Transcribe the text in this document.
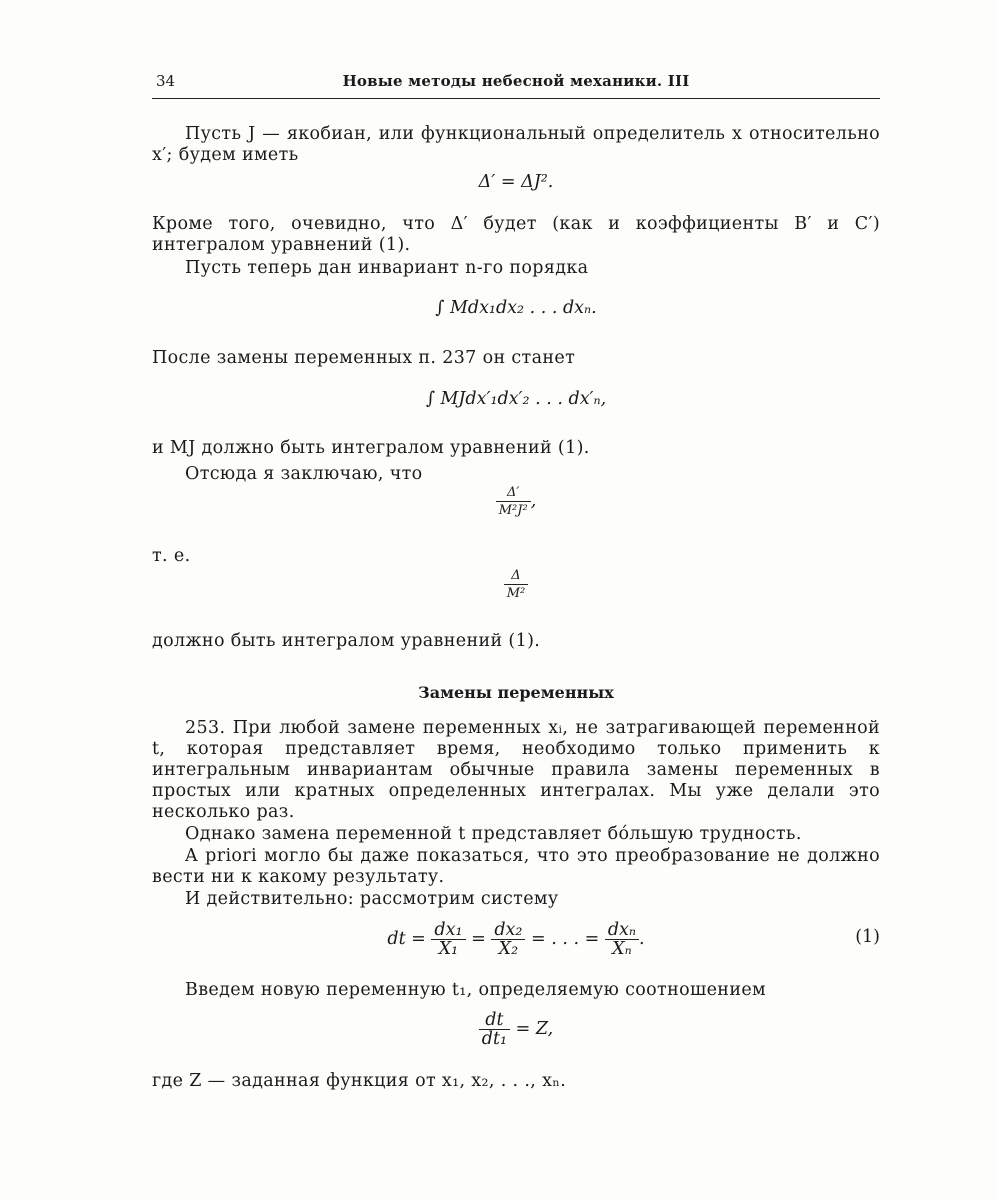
34	Новые методы небесной механики. III
Пусть J — якобиан, или функциональный определитель x относительно x′; будем иметь
Δ′ = ΔJ².
Кроме того, очевидно, что Δ′ будет (как и коэффициенты B′ и C′) интегралом уравнений (1).
Пусть теперь дан инвариант n-го порядка
∫ Mdx₁dx₂ . . . dxₙ.
После замены переменных п. 237 он станет
∫ MJdx′₁dx′₂ . . . dx′ₙ,
и MJ должно быть интегралом уравнений (1).
Отсюда я заключаю, что
$\frac{\Delta'}{\text{M²J²}}$ ,
т. е.
$\frac{\Delta}{\text{M²}}$
должно быть интегралом уравнений (1).
Замены переменных
253. При любой замене переменных xᵢ, не затрагивающей переменной t, которая представляет время, необходимо только применить к интегральным инвариантам обычные правила замены переменных в простых или кратных определенных интегралах. Мы уже делали это несколько раз.
Однако замена переменной t представляет бо́льшую трудность.
A priori могло бы даже показаться, что это преобразование не должно вести ни к какому результату.
И действительно: рассмотрим систему
dt = $\frac{\text{dx₁}}{\text{X₁}} = \frac{\text{dx₂}}{\text{X₂}}$ = . . . = $\frac{\text{dxₙ}}{\text{Xₙ}}$ .	(1)
Введем новую переменную t₁, определяемую соотношением
$\frac{dt}{\text{dt₁}} = Z$,
где Z — заданная функция от x₁, x₂, . . ., xₙ.
